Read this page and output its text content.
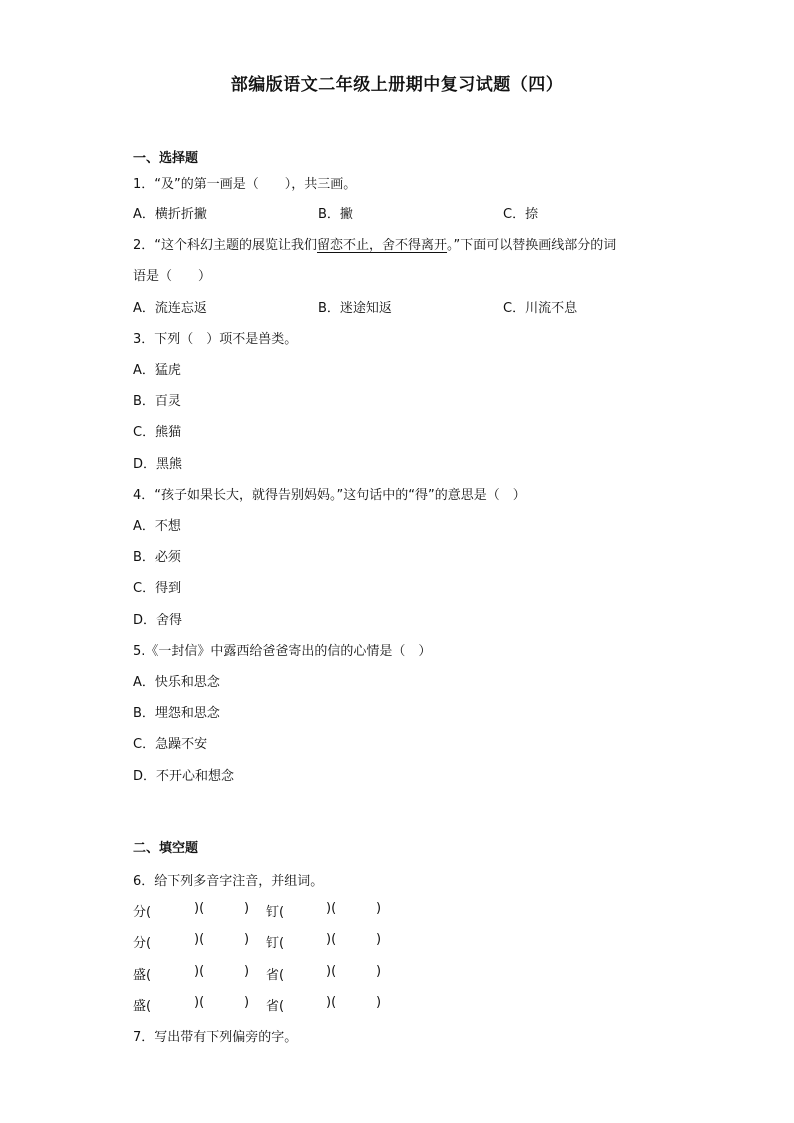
部编版语文二年级上册期中复习试题（四）
一、选择题
1．“及”的第一画是（　　），共三画。
A．横折折撇	B．撇	C．捺
2．“这个科幻主题的展览让我们留恋不止，舍不得离开。”下面可以替换画线部分的词
语是（　　）
A．流连忘返	B．迷途知返	C．川流不息
3．下列（　）项不是兽类。
A．猛虎
B．百灵
C．熊猫
D．黑熊
4．“孩子如果长大，就得告别妈妈。”这句话中的“得”的意思是（　）
A．不想
B．必须
C．得到
D．舍得
5.《一封信》中露西给爸爸寄出的信的心情是（　）
A．快乐和思念
B．埋怨和思念
C．急躁不安
D．不开心和想念
二、填空题
6．给下列多音字注音，并组词。
分(	)(	) 钉(	)(	)
分(	)(	) 钉(	)(	)
盛(	)(	) 省(	)(	)
盛(	)(	) 省(	)(	)
7．写出带有下列偏旁的字。
